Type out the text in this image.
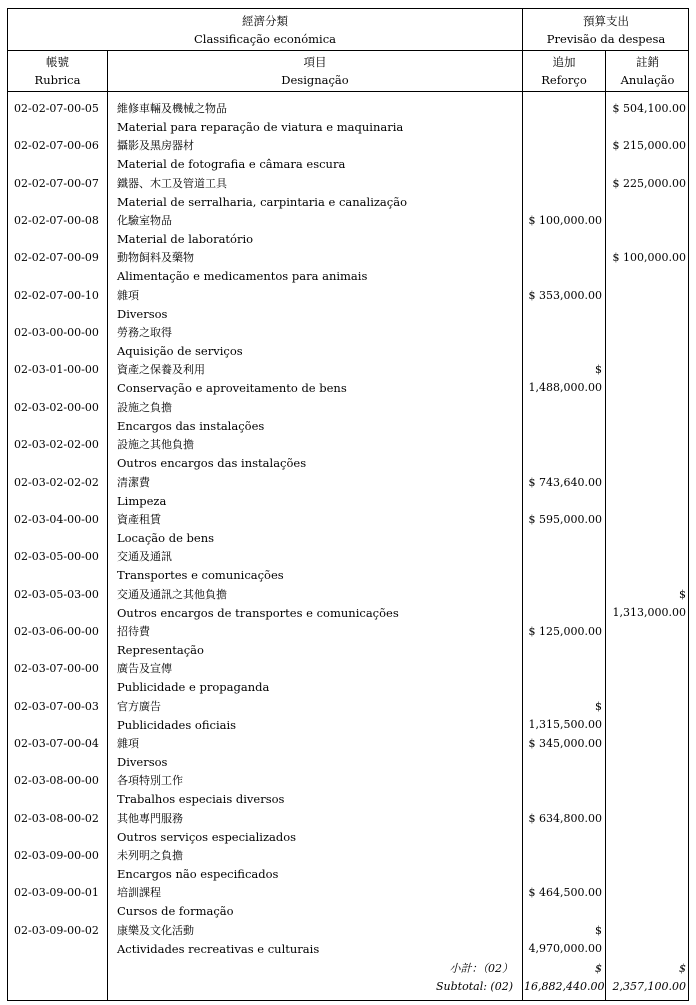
經濟分類
Classificação económica
預算支出
Previsão da despesa
帳號
Rubrica
項目
Designação
追加
Reforço
註銷
Anulação
02-02-07-00-05 維修車輛及機械之物品
Material para reparação de viatura e maquinaria
$ 504,100.00
02-02-07-00-06 攝影及黑房器材
Material de fotografia e câmara escura
$ 215,000.00
02-02-07-00-07 鐵器、木工及管道工具
Material de serralharia, carpintaria e canalização
$ 225,000.00
02-02-07-00-08 化驗室物品
Material de laboratório
$ 100,000.00
02-02-07-00-09 動物飼料及藥物
Alimentação e medicamentos para animais
$ 100,000.00
02-02-07-00-10 雜項
Diversos
$ 353,000.00
02-03-00-00-00 勞務之取得
Aquisição de serviços
02-03-01-00-00 資產之保養及利用
Conservação e aproveitamento de bens
$ 1,488,000.00
02-03-02-00-00 設施之負擔
Encargos das instalações
02-03-02-02-00 設施之其他負擔
Outros encargos das instalações
02-03-02-02-02 清潔費
Limpeza
$ 743,640.00
02-03-04-00-00 資產租賃
Locação de bens
$ 595,000.00
02-03-05-00-00 交通及通訊
Transportes e comunicações
02-03-05-03-00 交通及通訊之其他負擔
Outros encargos de transportes e comunicações
$ 1,313,000.00
02-03-06-00-00 招待費
Representação
$ 125,000.00
02-03-07-00-00 廣告及宣傳
Publicidade e propaganda
02-03-07-00-03 官方廣告
Publicidades oficiais
$ 1,315,500.00
02-03-07-00-04 雜項
Diversos
$ 345,000.00
02-03-08-00-00 各項特別工作
Trabalhos especiais diversos
02-03-08-00-02 其他專門服務
Outros serviços especializados
$ 634,800.00
02-03-09-00-00 未列明之負擔
Encargos não especificados
02-03-09-00-01 培訓課程
Cursos de formação
$ 464,500.00
02-03-09-00-02 康樂及文化活動
Actividades recreativas e culturais
$ 4,970,000.00
小計：（02）
Subtotal: (02)
$ 16,882,440.00
$ 2,357,100.00
